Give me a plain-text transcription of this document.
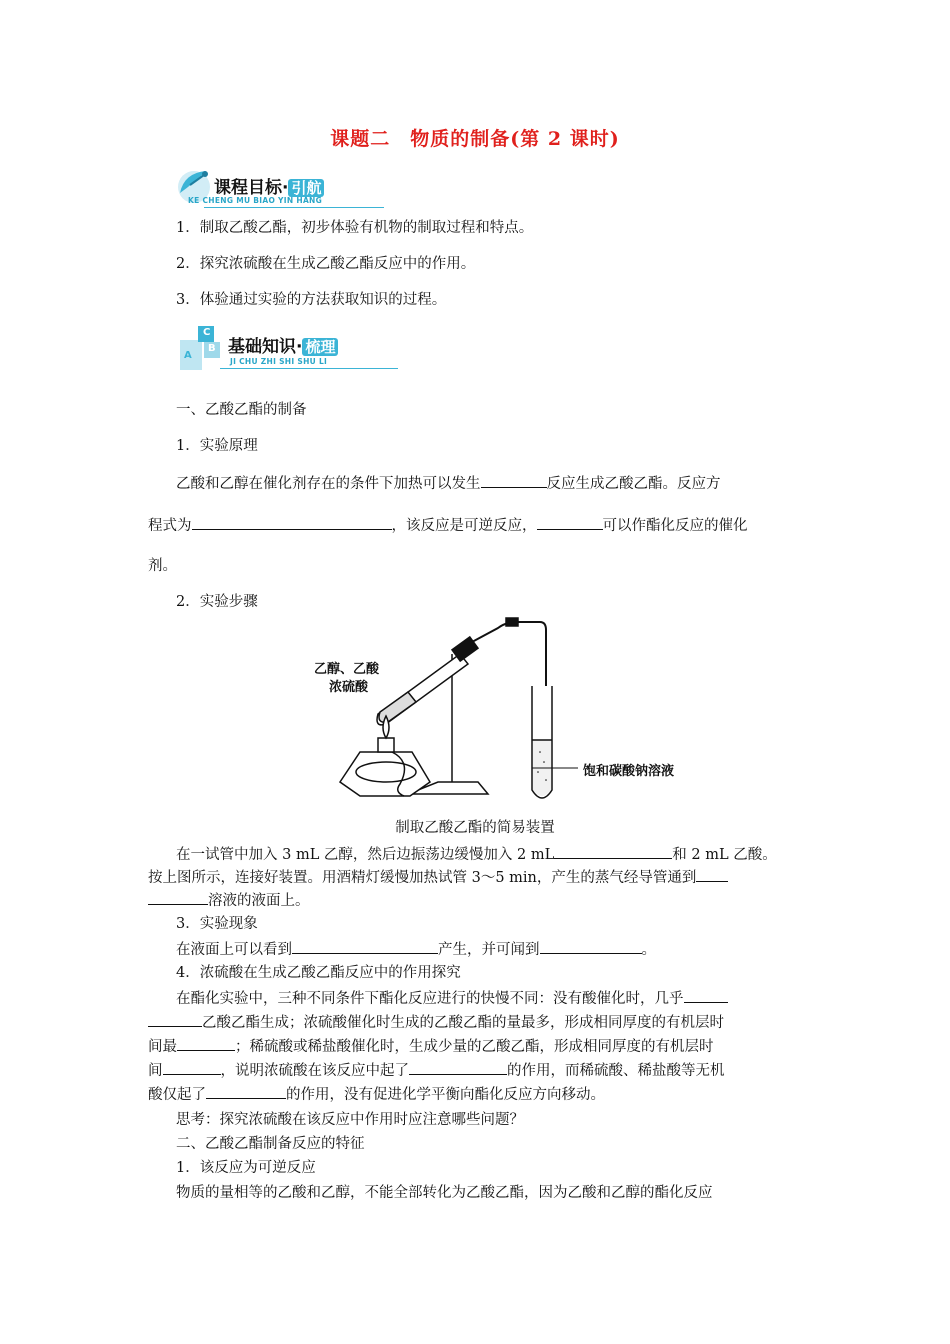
课题二　物质的制备(第 2 课时)
课程目标· 引航
KE CHENG MU BIAO YIN HANG
1．制取乙酸乙酯，初步体验有机物的制取过程和特点。
2．探究浓硫酸在生成乙酸乙酯反应中的作用。
3．体验通过实验的方法获取知识的过程。
C
A
B 基础知识· 梳理
JI CHU ZHI SHI SHU LI
一、乙酸乙酯的制备
1．实验原理
乙酸和乙醇在催化剂存在的条件下加热可以发生	反应生成乙酸乙酯。反应方
程式为	，该反应是可逆反应，	可以作酯化反应的催化
剂。
2．实验步骤
乙醇、乙酸
浓硫酸
饱和碳酸钠溶液
制取乙酸乙酯的简易装置
在一试管中加入 3 mL 乙醇，然后边振荡边缓慢加入 2 mL	和 2 mL 乙酸。
按上图所示，连接好装置。用酒精灯缓慢加热试管 3～5 min，产生的蒸气经导管通到
溶液的液面上。
3．实验现象
在液面上可以看到	产生，并可闻到	。
4．浓硫酸在生成乙酸乙酯反应中的作用探究
在酯化实验中，三种不同条件下酯化反应进行的快慢不同：没有酸催化时，几乎
乙酸乙酯生成；浓硫酸催化时生成的乙酸乙酯的量最多，形成相同厚度的有机层时
间最	；稀硫酸或稀盐酸催化时，生成少量的乙酸乙酯，形成相同厚度的有机层时
间	，说明浓硫酸在该反应中起了	的作用，而稀硫酸、稀盐酸等无机
酸仅起了	的作用，没有促进化学平衡向酯化反应方向移动。
思考：探究浓硫酸在该反应中作用时应注意哪些问题？
二、乙酸乙酯制备反应的特征
1．该反应为可逆反应
物质的量相等的乙酸和乙醇，不能全部转化为乙酸乙酯，因为乙酸和乙醇的酯化反应
